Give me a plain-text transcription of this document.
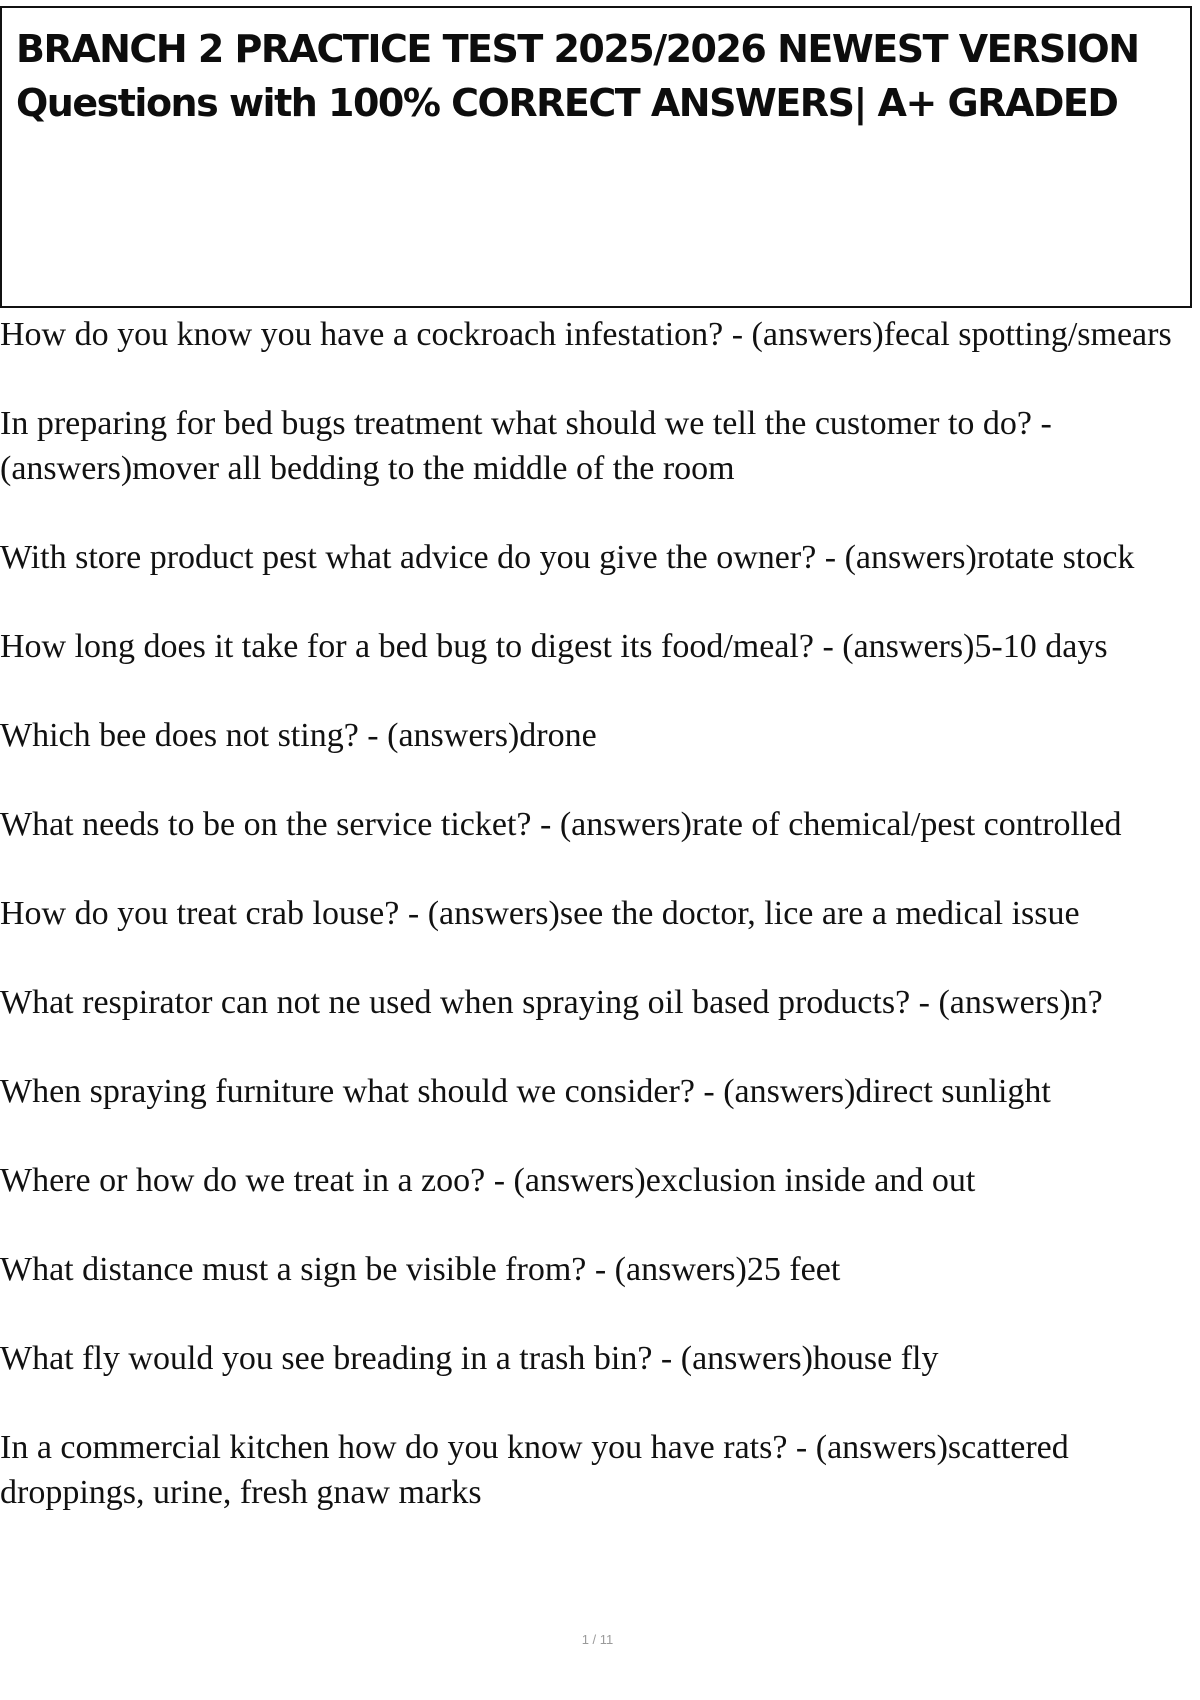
BRANCH 2 PRACTICE TEST 2025/2026 NEWEST VERSION
Questions with 100% CORRECT ANSWERS| A+ GRADED
How do you know you have a cockroach infestation? - (answers)fecal spotting/smears
In preparing for bed bugs treatment what should we tell the customer to do? - (answers)mover all bedding to the middle of the room
With store product pest what advice do you give the owner? - (answers)rotate stock
How long does it take for a bed bug to digest its food/meal? - (answers)5-10 days
Which bee does not sting? - (answers)drone
What needs to be on the service ticket? - (answers)rate of chemical/pest controlled
How do you treat crab louse? - (answers)see the doctor, lice are a medical issue
What respirator can not ne used when spraying oil based products? - (answers)n?
When spraying furniture what should we consider? - (answers)direct sunlight
Where or how do we treat in a zoo? - (answers)exclusion inside and out
What distance must a sign be visible from? - (answers)25 feet
What fly would you see breading in a trash bin? - (answers)house fly
In a commercial kitchen how do you know you have rats? - (answers)scattered droppings, urine, fresh gnaw marks
1 / 11
